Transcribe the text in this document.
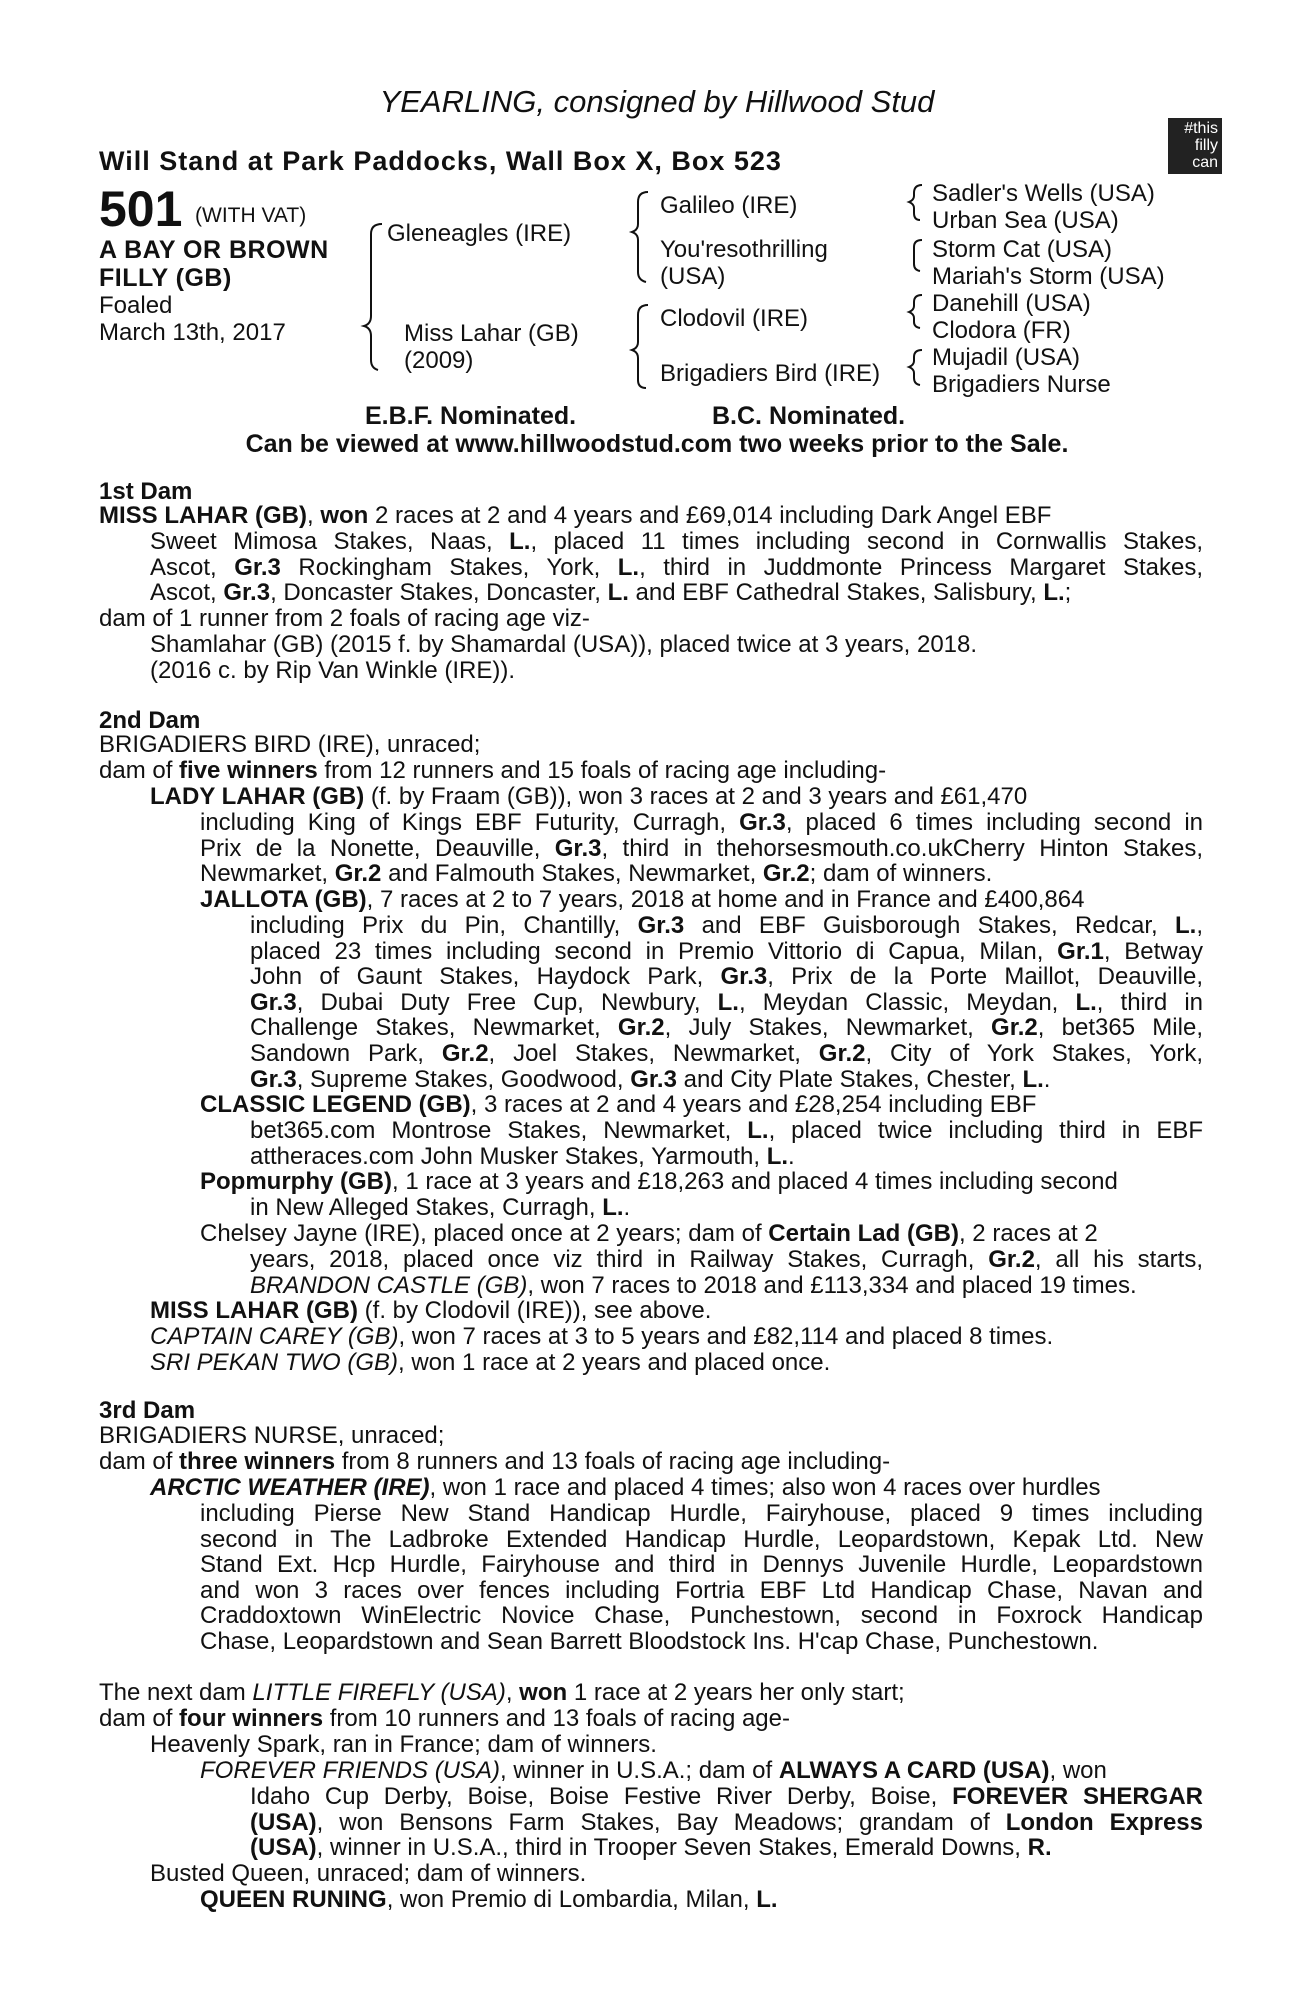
YEARLING, consigned by Hillwood Stud
#this
filly
can
Will Stand at Park Paddocks, Wall Box X, Box 523
501 (WITH VAT)
A BAY OR BROWN
FILLY (GB)
Foaled
March 13th, 2017
Gleneagles (IRE)
Miss Lahar (GB)
(2009)
Galileo (IRE)
You'resothrilling
(USA)
Clodovil (IRE)
Brigadiers Bird (IRE)
Sadler's Wells (USA)
Urban Sea (USA)
Storm Cat (USA)
Mariah's Storm (USA)
Danehill (USA)
Clodora (FR)
Mujadil (USA)
Brigadiers Nurse
E.B.F. Nominated.	B.C. Nominated.
Can be viewed at www.hillwoodstud.com two weeks prior to the Sale.
1st Dam
MISS LAHAR (GB), won 2 races at 2 and 4 years and £69,014 including Dark Angel EBF
Sweet Mimosa Stakes, Naas, L., placed 11 times including second in Cornwallis Stakes,
Ascot, Gr.3 Rockingham Stakes, York, L., third in Juddmonte Princess Margaret Stakes,
Ascot, Gr.3, Doncaster Stakes, Doncaster, L. and EBF Cathedral Stakes, Salisbury, L.;
dam of 1 runner from 2 foals of racing age viz-
Shamlahar (GB) (2015 f. by Shamardal (USA)), placed twice at 3 years, 2018.
(2016 c. by Rip Van Winkle (IRE)).
2nd Dam
BRIGADIERS BIRD (IRE), unraced;
dam of five winners from 12 runners and 15 foals of racing age including-
LADY LAHAR (GB) (f. by Fraam (GB)), won 3 races at 2 and 3 years and £61,470
including King of Kings EBF Futurity, Curragh, Gr.3, placed 6 times including second in
Prix de la Nonette, Deauville, Gr.3, third in thehorsesmouth.co.ukCherry Hinton Stakes,
Newmarket, Gr.2 and Falmouth Stakes, Newmarket, Gr.2; dam of winners.
JALLOTA (GB), 7 races at 2 to 7 years, 2018 at home and in France and £400,864
including Prix du Pin, Chantilly, Gr.3 and EBF Guisborough Stakes, Redcar, L.,
placed 23 times including second in Premio Vittorio di Capua, Milan, Gr.1, Betway
John of Gaunt Stakes, Haydock Park, Gr.3, Prix de la Porte Maillot, Deauville,
Gr.3, Dubai Duty Free Cup, Newbury, L., Meydan Classic, Meydan, L., third in
Challenge Stakes, Newmarket, Gr.2, July Stakes, Newmarket, Gr.2, bet365 Mile,
Sandown Park, Gr.2, Joel Stakes, Newmarket, Gr.2, City of York Stakes, York,
Gr.3, Supreme Stakes, Goodwood, Gr.3 and City Plate Stakes, Chester, L..
CLASSIC LEGEND (GB), 3 races at 2 and 4 years and £28,254 including EBF
bet365.com Montrose Stakes, Newmarket, L., placed twice including third in EBF
attheraces.com John Musker Stakes, Yarmouth, L..
Popmurphy (GB), 1 race at 3 years and £18,263 and placed 4 times including second
in New Alleged Stakes, Curragh, L..
Chelsey Jayne (IRE), placed once at 2 years; dam of Certain Lad (GB), 2 races at 2
years, 2018, placed once viz third in Railway Stakes, Curragh, Gr.2, all his starts,
BRANDON CASTLE (GB), won 7 races to 2018 and £113,334 and placed 19 times.
MISS LAHAR (GB) (f. by Clodovil (IRE)), see above.
CAPTAIN CAREY (GB), won 7 races at 3 to 5 years and £82,114 and placed 8 times.
SRI PEKAN TWO (GB), won 1 race at 2 years and placed once.
3rd Dam
BRIGADIERS NURSE, unraced;
dam of three winners from 8 runners and 13 foals of racing age including-
ARCTIC WEATHER (IRE), won 1 race and placed 4 times; also won 4 races over hurdles
including Pierse New Stand Handicap Hurdle, Fairyhouse, placed 9 times including
second in The Ladbroke Extended Handicap Hurdle, Leopardstown, Kepak Ltd. New
Stand Ext. Hcp Hurdle, Fairyhouse and third in Dennys Juvenile Hurdle, Leopardstown
and won 3 races over fences including Fortria EBF Ltd Handicap Chase, Navan and
Craddoxtown WinElectric Novice Chase, Punchestown, second in Foxrock Handicap
Chase, Leopardstown and Sean Barrett Bloodstock Ins. H'cap Chase, Punchestown.
The next dam LITTLE FIREFLY (USA), won 1 race at 2 years her only start;
dam of four winners from 10 runners and 13 foals of racing age-
Heavenly Spark, ran in France; dam of winners.
FOREVER FRIENDS (USA), winner in U.S.A.; dam of ALWAYS A CARD (USA), won
Idaho Cup Derby, Boise, Boise Festive River Derby, Boise, FOREVER SHERGAR
(USA), won Bensons Farm Stakes, Bay Meadows; grandam of London Express
(USA), winner in U.S.A., third in Trooper Seven Stakes, Emerald Downs, R.
Busted Queen, unraced; dam of winners.
QUEEN RUNING, won Premio di Lombardia, Milan, L.
